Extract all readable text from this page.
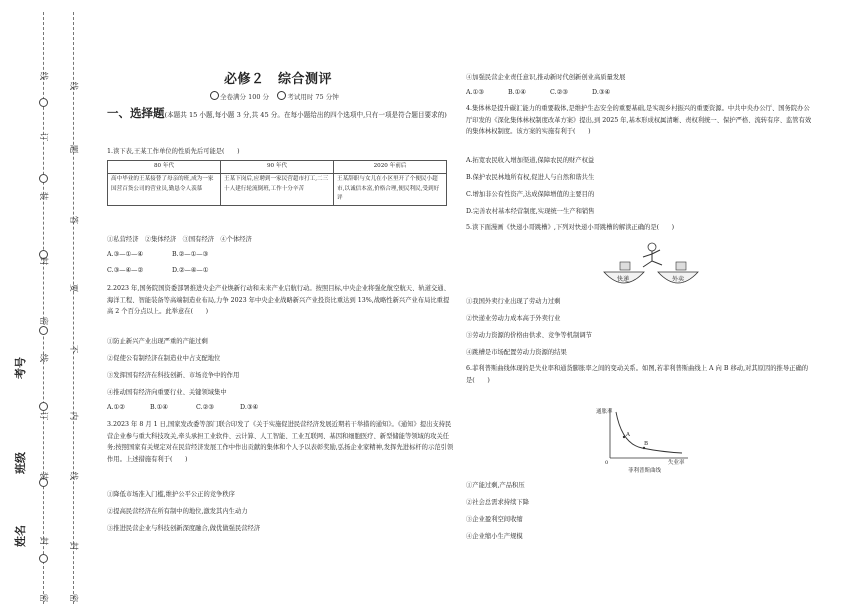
线
订
装
封
密
线
订
装
封
密
线
题
答
要
不
内
线
封
密
考号
班级
姓名
必修２　综合测评
全卷满分 100 分	考试用时 75 分钟
一、选择题(本题共 15 小题,每小题 3 分,共 45 分。在每小题给出的四个选项中,只有一项是符合题目要求的)
1.读下表,王某工作单位的性质先后可能是(　　)
80 年代	90 年代	2020 年前后
高中毕业的王某接替了母亲的班,成为一家国营百货公司的营业员,勤恳令人羡慕	王某下岗后,应聘到一家民营超市打工,二三十人建行轮流倒班,工作十分辛苦	王某辞职与女儿在小区里开了个便民小超市,以诚信本富,价格合理,便民利民,受到好评
①私营经济　②集体经济　③国有经济　④个体经济
A.③—①—④	B.②—①—③
C.③—④—②	D.②—④—①
2.2023 年,国务院国资委部署推进央企产业焕新行动和未来产业启航行动。按照目标,中央企业将强化航空航天、轨道交通、海洋工程、智能装备等高端制造业布局,力争 2023 年中央企业战略新兴产业投资比重达到 13%,战略性新兴产业布局比重提高 2 个百分点以上。此举意在(　　)
①防止新兴产业出现严重的产能过剩
②促使公有制经济在制造业中占支配地位
③发挥国有经济在科技创新、市场竞争中的作用
④推动国有经济向重要行业、关键领域集中
A.①②	B.①④	C.②③	D.③④
3.2023 年 8 月 1 日,国家发改委等部门联合印发了《关于实施促进民营经济发展近期若干举措的通知》。《通知》提出支持民营企业参与重大科技攻关,牵头承担工业软件、云计算、人工智能、工业互联网、基因和细胞医疗、新型储能等领域的攻关任务;按照国家有关规定对在民营经济发展工作中作出贡献的集体和个人予以表彰奖励,弘扬企业家精神,发挥先进标杆的示范引领作用。上述措施有利于(　　)
①降低市场准入门槛,维护公平公正的竞争秩序
②提高民营经济在所有制中的地位,激发其内生动力
③推进民营企业与科技创新深度融合,做优做强民营经济
④加强民营企业责任意识,推动新时代创新创业高质量发展
A.①③	B.①④	C.②③	D.③④
4.集体林是提升碳汇能力的重要载体,是维护生态安全的重要基础,是实现乡村振兴的重要资源。中共中央办公厅、国务院办公厅印发的《深化集体林权制度改革方案》提出,到 2025 年,基本形成权属清晰、责权利统一、保护严格、流转有序、监管有效的集体林权制度。该方案的实施有利于(　　)
A.拓宽农民收入增加渠道,保障农民的财产权益
B.保护农民林地所有权,促进人与自然和谐共生
C.增加非公有性资产,达成保障增值的主要目的
D.完善农村基本经营制度,实现统一生产和销售
5.读下面漫画《快递小哥跳槽》,下列对快递小哥跳槽的解读正确的是(　　)
快递	外卖
①我国外卖行业出现了劳动力过剩
②快递业劳动力成本高于外卖行业
③劳动力资源的价格由供求、竞争等机制调节
④跳槽是市场配置劳动力资源的结果
6.菲利普斯曲线体现的是失业率和通货膨胀率之间的变动关系。如图,若菲利普斯曲线上 A 向 B 移动,对其原因的推导正确的是(　　)
A
B
0
通胀率
失业率
菲利普斯曲线
①产能过剩,产品积压
②社会总需求持续下降
③企业盈利空间收缩
④企业缩小生产规模
